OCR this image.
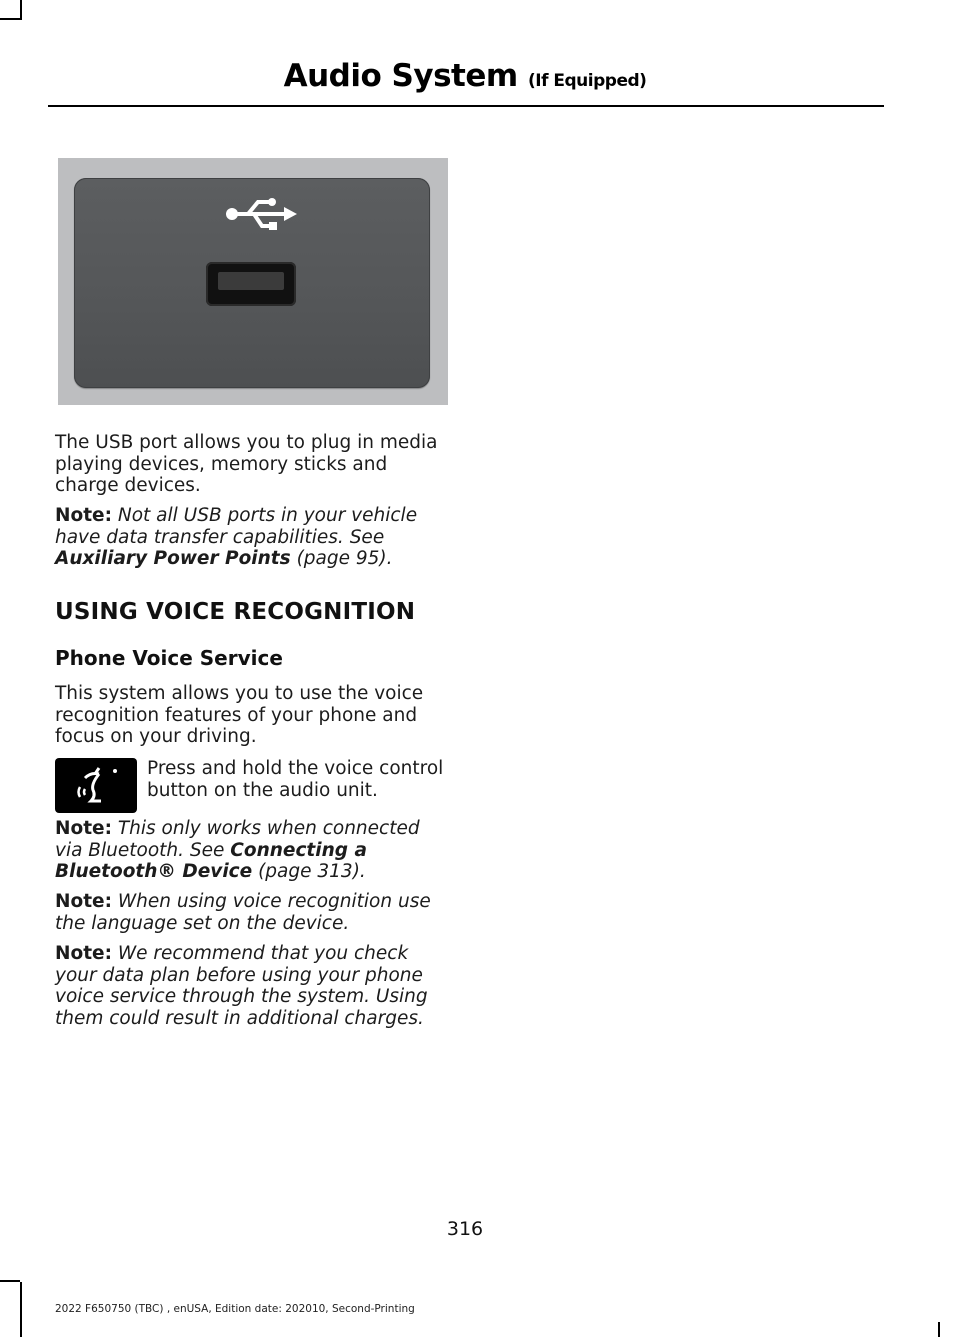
Audio System (If Equipped)
The USB port allows you to plug in media playing devices, memory sticks and charge devices.
Note: Not all USB ports in your vehicle have data transfer capabilities. See Auxiliary Power Points (page 95).
USING VOICE RECOGNITION
Phone Voice Service
This system allows you to use the voice recognition features of your phone and focus on your driving.
Press and hold the voice control button on the audio unit.
Note: This only works when connected via Bluetooth. See Connecting a Bluetooth® Device (page 313).
Note: When using voice recognition use the language set on the device.
Note: We recommend that you check your data plan before using your phone voice service through the system. Using them could result in additional charges.
316
2022 F650750 (TBC) , enUSA, Edition date: 202010, Second-Printing
